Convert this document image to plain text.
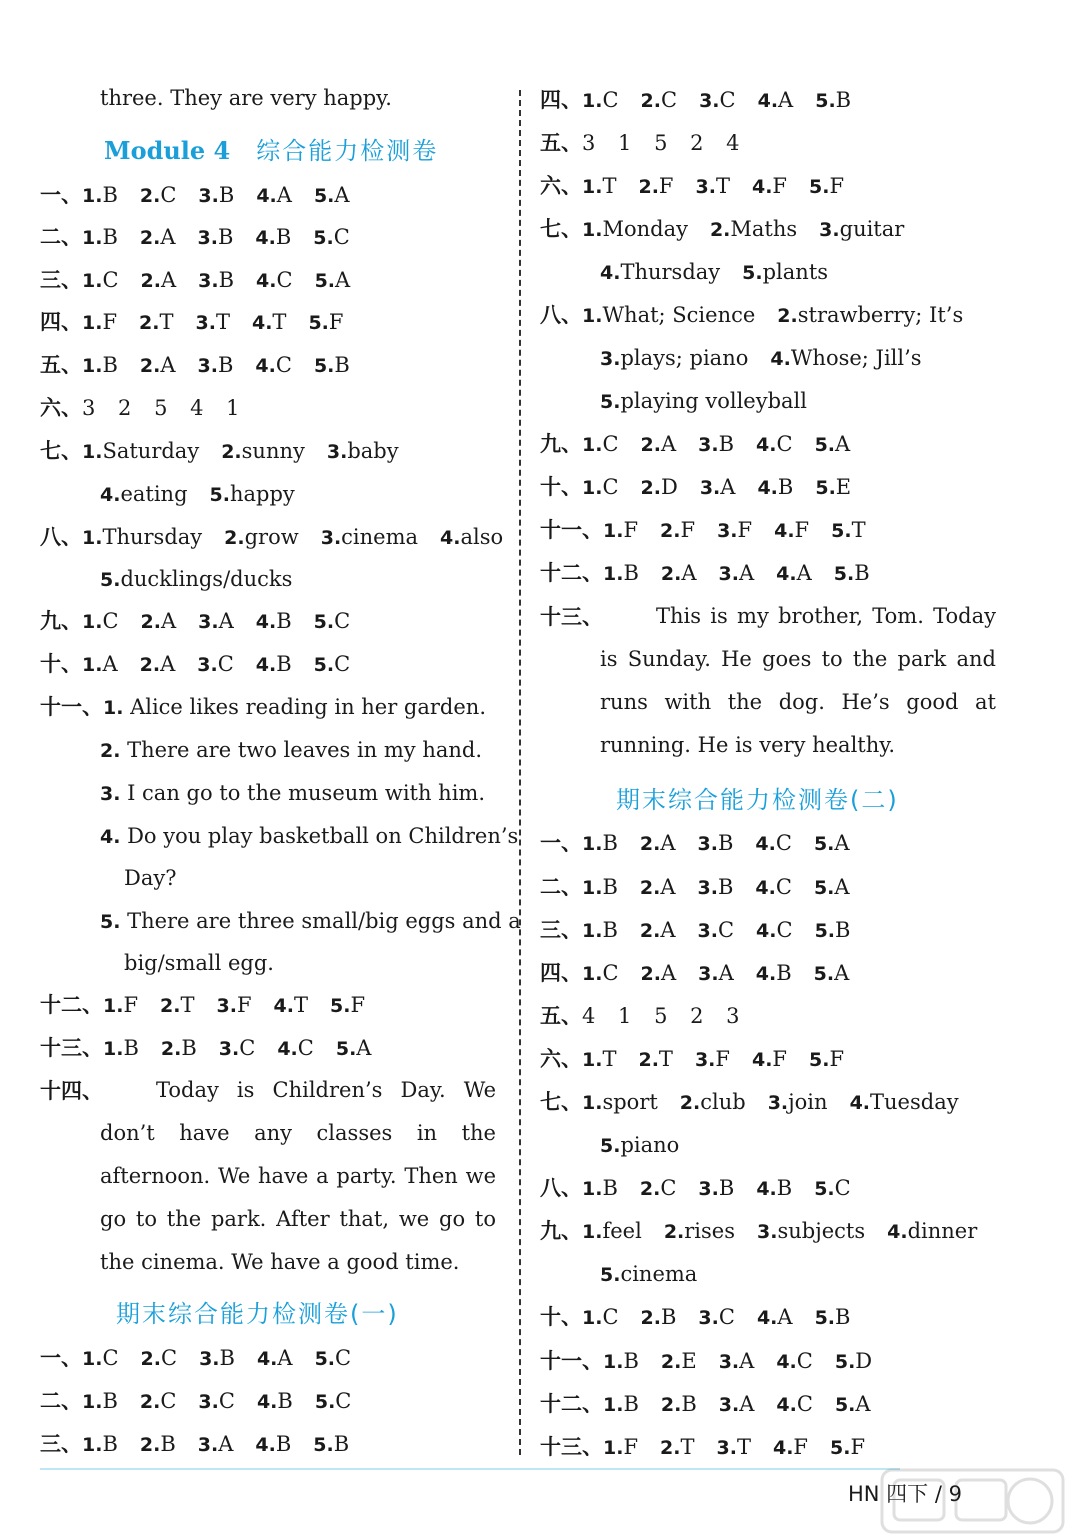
three. They are very happy.
Module 4 综合能力检测卷
一、1.B 2.C 3.B 4.A 5.A
二、1.B 2.A 3.B 4.B 5.C
三、1.C 2.A 3.B 4.C 5.A
四、1.F 2.T 3.T 4.T 5.F
五、1.B 2.A 3.B 4.C 5.B
六、3 2 5 4 1
七、1.Saturday 2.sunny 3.baby
4.eating 5.happy
八、1.Thursday 2.grow 3.cinema 4.also
5.ducklings/ducks
九、1.C 2.A 3.A 4.B 5.C
十、1.A 2.A 3.C 4.B 5.C
十一、1. Alice likes reading in her garden.
2. There are two leaves in my hand.
3. I can go to the museum with him.
4. Do you play basketball on Children’s
Day?
5. There are three small/big eggs and a
big/small egg.
十二、1.F 2.T 3.F 4.T 5.F
十三、1.B 2.B 3.C 4.C 5.A
十四、	Today is Children’s Day. We don’t have any classes in the afternoon. We have a party. Then we go to the park. After that, we go to the cinema. We have a good time.
期末综合能力检测卷(一)
一、1.C 2.C 3.B 4.A 5.C
二、1.B 2.C 3.C 4.B 5.C
三、1.B 2.B 3.A 4.B 5.B
四、1.C 2.C 3.C 4.A 5.B
五、3 1 5 2 4
六、1.T 2.F 3.T 4.F 5.F
七、1.Monday 2.Maths 3.guitar
4.Thursday 5.plants
八、1.What; Science 2.strawberry; It’s
3.plays; piano 4.Whose; Jill’s
5.playing volleyball
九、1.C 2.A 3.B 4.C 5.A
十、1.C 2.D 3.A 4.B 5.E
十一、1.F 2.F 3.F 4.F 5.T
十二、1.B 2.A 3.A 4.A 5.B
十三、	This is my brother, Tom. Today is Sunday. He goes to the park and runs with the dog. He’s good at running. He is very healthy.
期末综合能力检测卷(二)
一、1.B 2.A 3.B 4.C 5.A
二、1.B 2.A 3.B 4.C 5.A
三、1.B 2.A 3.C 4.C 5.B
四、1.C 2.A 3.A 4.B 5.A
五、4 1 5 2 3
六、1.T 2.T 3.F 4.F 5.F
七、1.sport 2.club 3.join 4.Tuesday
5.piano
八、1.B 2.C 3.B 4.B 5.C
九、1.feel 2.rises 3.subjects 4.dinner
5.cinema
十、1.C 2.B 3.C 4.A 5.B
十一、1.B 2.E 3.A 4.C 5.D
十二、1.B 2.B 3.A 4.C 5.A
十三、1.F 2.T 3.T 4.F 5.F
HN 四下 / 9
